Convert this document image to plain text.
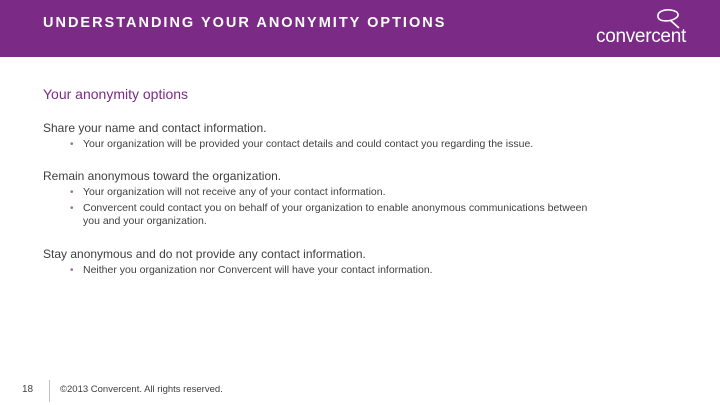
UNDERSTANDING YOUR ANONYMITY OPTIONS
convercent
Your anonymity options
Share your name and contact information.
• Your organization will be provided your contact details and could contact you regarding the issue.
Remain anonymous toward the organization.
• Your organization will not receive any of your contact information.
• Convercent could contact you on behalf of your organization to enable anonymous communications between you and your organization.
Stay anonymous and do not provide any contact information.
• Neither you organization nor Convercent will have your contact information.
18	©2013 Convercent. All rights reserved.
